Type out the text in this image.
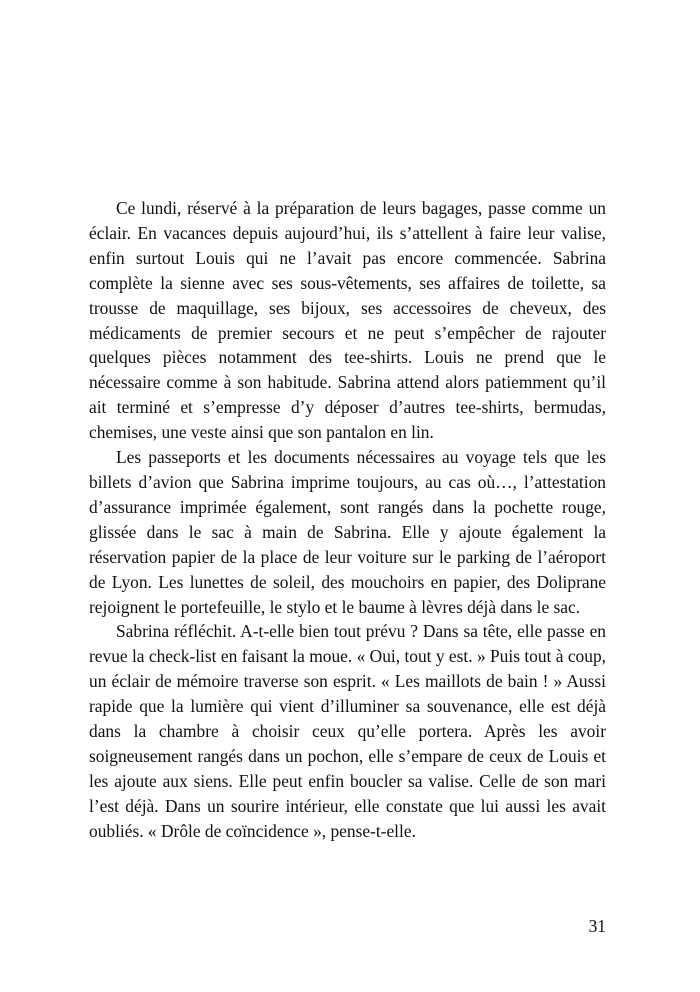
Ce lundi, réservé à la préparation de leurs bagages, passe comme un éclair. En vacances depuis aujourd’hui, ils s’attellent à faire leur valise, enfin surtout Louis qui ne l’avait pas encore commencée. Sabrina complète la sienne avec ses sous-vêtements, ses affaires de toilette, sa trousse de maquillage, ses bijoux, ses accessoires de cheveux, des médicaments de premier secours et ne peut s’empêcher de rajouter quelques pièces notamment des tee-shirts. Louis ne prend que le nécessaire comme à son habitude. Sabrina attend alors patiemment qu’il ait terminé et s’empresse d’y déposer d’autres tee-shirts, bermudas, chemises, une veste ainsi que son pantalon en lin.

Les passeports et les documents nécessaires au voyage tels que les billets d’avion que Sabrina imprime toujours, au cas où…, l’attestation d’assurance imprimée également, sont rangés dans la pochette rouge, glissée dans le sac à main de Sabrina. Elle y ajoute également la réservation papier de la place de leur voiture sur le parking de l’aéroport de Lyon. Les lunettes de soleil, des mouchoirs en papier, des Doliprane rejoignent le portefeuille, le stylo et le baume à lèvres déjà dans le sac.

Sabrina réfléchit. A-t-elle bien tout prévu ? Dans sa tête, elle passe en revue la check-list en faisant la moue. « Oui, tout y est. » Puis tout à coup, un éclair de mémoire traverse son esprit. « Les maillots de bain ! » Aussi rapide que la lumière qui vient d’illuminer sa souvenance, elle est déjà dans la chambre à choisir ceux qu’elle portera. Après les avoir soigneusement rangés dans un pochon, elle s’empare de ceux de Louis et les ajoute aux siens. Elle peut enfin boucler sa valise. Celle de son mari l’est déjà. Dans un sourire intérieur, elle constate que lui aussi les avait oubliés. « Drôle de coïncidence », pense-t-elle.

31
